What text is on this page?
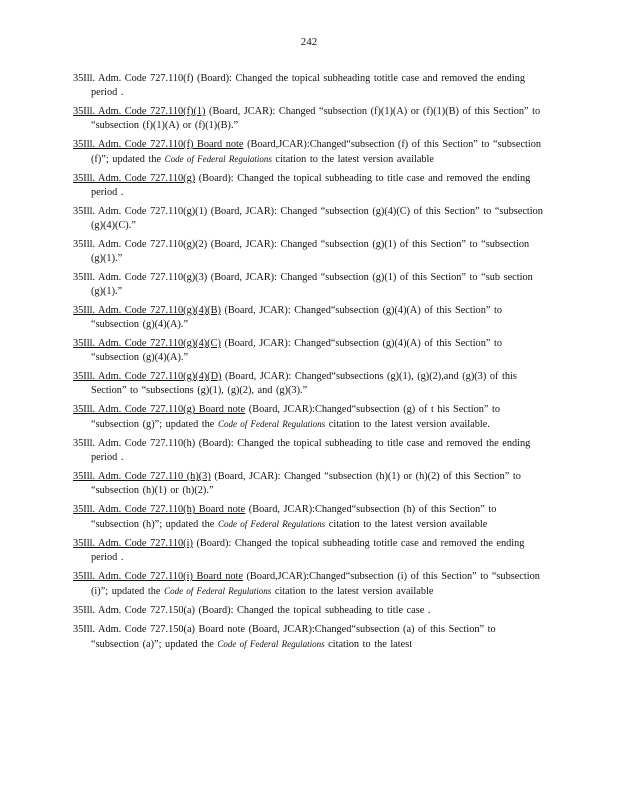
242

35Ill. Adm. Code 727.110(f) (Board): Changed the topical subheading totitle case and removed the ending period .

35Ill. Adm. Code 727.110(f)(1) (Board, JCAR): Changed “subsection (f)(1)(A) or (f)(1)(B) of this Section” to “subsection (f)(1)(A) or (f)(1)(B).”

35Ill. Adm. Code 727.110(f) Board note (Board,JCAR):Changed“subsection (f) of this Section” to “subsection (f)”; updated the Code of Federal Regulations citation to the latest version available

35Ill. Adm. Code 727.110(g) (Board): Changed the topical subheading to title case and removed the ending period .

35Ill. Adm. Code 727.110(g)(1) (Board, JCAR): Changed “subsection (g)(4)(C) of this Section” to “subsection (g)(4)(C).”

35Ill. Adm. Code 727.110(g)(2) (Board, JCAR): Changed “subsection (g)(1) of this Section” to “subsection (g)(1).”

35Ill. Adm. Code 727.110(g)(3) (Board, JCAR): Changed “subsection (g)(1) of this Section” to “sub section (g)(1).”

35Ill. Adm. Code 727.110(g)(4)(B) (Board, JCAR): Changed“subsection (g)(4)(A) of this Section” to “subsection (g)(4)(A).”

35Ill. Adm. Code 727.110(g)(4)(C) (Board, JCAR): Changed“subsection (g)(4)(A) of this Section” to “subsection (g)(4)(A).”

35Ill. Adm. Code 727.110(g)(4)(D) (Board, JCAR): Changed“subsections (g)(1), (g)(2),and (g)(3) of this Section” to “subsections (g)(1), (g)(2), and (g)(3).”

35Ill. Adm. Code 727.110(g) Board note (Board, JCAR):Changed“subsection (g) of t his Section” to “subsection (g)”; updated the Code of Federal Regulations citation to the latest version available.

35Ill. Adm. Code 727.110(h) (Board): Changed the topical subheading to title case and removed the ending period .

35Ill. Adm. Code 727.110 (h)(3) (Board, JCAR): Changed “subsection (h)(1) or (h)(2) of this Section” to “subsection (h)(1) or (h)(2).”

35Ill. Adm. Code 727.110(h) Board note (Board, JCAR):Changed“subsection (h) of this Section” to “subsection (h)”; updated the Code of Federal Regulations citation to the latest version available

35Ill. Adm. Code 727.110(i) (Board): Changed the topical subheading totitle case and removed the ending period .

35Ill. Adm. Code 727.110(i) Board note (Board,JCAR):Changed“subsection (i) of this Section” to “subsection (i)”; updated the Code of Federal Regulations citation to the latest version available

35Ill. Adm. Code 727.150(a) (Board): Changed the topical subheading to title case .

35Ill. Adm. Code 727.150(a) Board note (Board, JCAR):Changed“subsection (a) of this Section” to “subsection (a)”; updated the Code of Federal Regulations citation to the latest
